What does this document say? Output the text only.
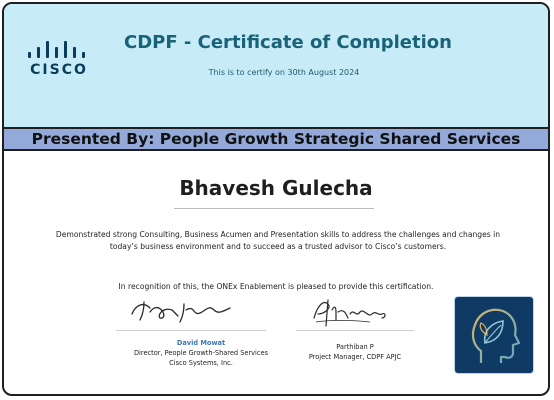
CISCO
CDPF - Certificate of Completion
This is to certify on 30th August 2024
Presented By: People Growth Strategic Shared Services
Bhavesh Gulecha
Demonstrated strong Consulting, Business Acumen and Presentation skills to address the challenges and changes in
today’s business environment and to succeed as a trusted advisor to Cisco’s customers.
In recognition of this, the ONEx Enablement is pleased to provide this certification.
David Mowat
Director, People Growth-Shared Services
Cisco Systems, Inc.
Parthiban P
Project Manager, CDPF APJC
